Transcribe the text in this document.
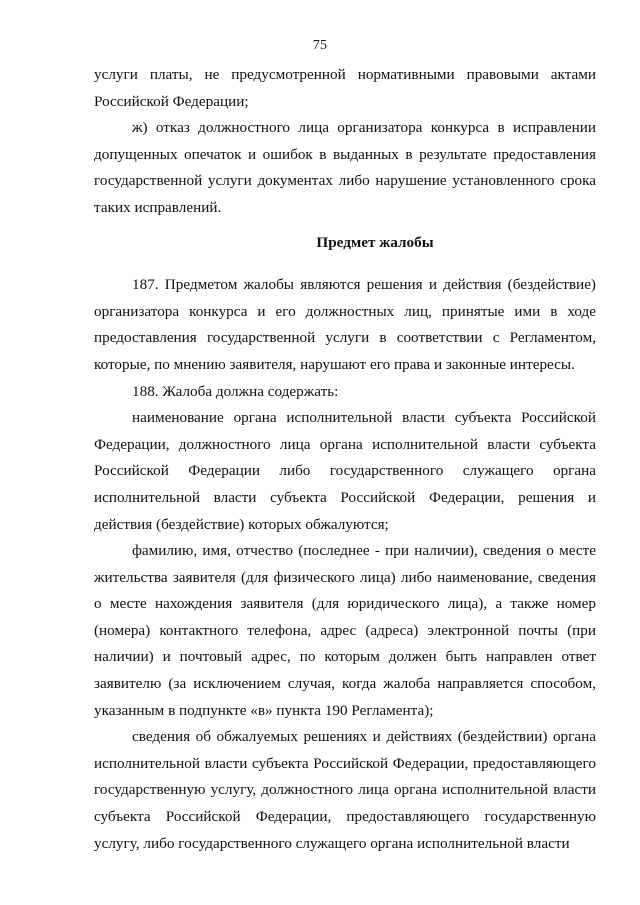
75

услуги платы, не предусмотренной нормативными правовыми актами Российской Федерации;

ж) отказ должностного лица организатора конкурса в исправлении допущенных опечаток и ошибок в выданных в результате предоставления государственной услуги документах либо нарушение установленного срока таких исправлений.

Предмет жалобы

187. Предметом жалобы являются решения и действия (бездействие) организатора конкурса и его должностных лиц, принятые ими в ходе предоставления государственной услуги в соответствии с Регламентом, которые, по мнению заявителя, нарушают его права и законные интересы.

188. Жалоба должна содержать:

наименование органа исполнительной власти субъекта Российской Федерации, должностного лица органа исполнительной власти субъекта Российской Федерации либо государственного служащего органа исполнительной власти субъекта Российской Федерации, решения и действия (бездействие) которых обжалуются;

фамилию, имя, отчество (последнее - при наличии), сведения о месте жительства заявителя (для физического лица) либо наименование, сведения о месте нахождения заявителя (для юридического лица), а также номер (номера) контактного телефона, адрес (адреса) электронной почты (при наличии) и почтовый адрес, по которым должен быть направлен ответ заявителю (за исключением случая, когда жалоба направляется способом, указанным в подпункте «в» пункта 190 Регламента);

сведения об обжалуемых решениях и действиях (бездействии) органа исполнительной власти субъекта Российской Федерации, предоставляющего государственную услугу, должностного лица органа исполнительной власти субъекта Российской Федерации, предоставляющего государственную услугу, либо государственного служащего органа исполнительной власти
